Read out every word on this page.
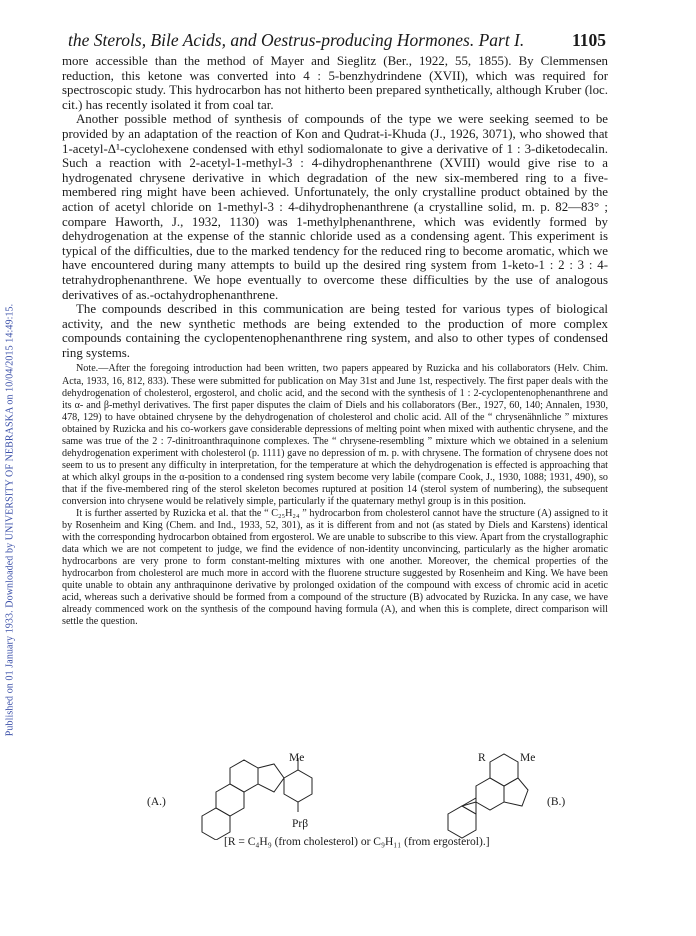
Published on 01 January 1933. Downloaded by UNIVERSITY OF NEBRASKA on 10/04/2015 14:49:15.
the Sterols, Bile Acids, and Oestrus-producing Hormones. Part I.	1105

more accessible than the method of Mayer and Sieglitz (Ber., 1922, 55, 1855). By Clemmensen reduction, this ketone was converted into 4 : 5-benzhydrindene (XVII), which was required for spectroscopic study. This hydrocarbon has not hitherto been prepared synthetically, although Kruber (loc. cit.) has recently isolated it from coal tar.

Another possible method of synthesis of compounds of the type we were seeking seemed to be provided by an adaptation of the reaction of Kon and Qudrat-i-Khuda (J., 1926, 3071), who showed that 1-acetyl-Δ¹-cyclohexene condensed with ethyl sodiomalonate to give a derivative of 1 : 3-diketodecalin. Such a reaction with 2-acetyl-1-methyl-3 : 4-dihydrophenanthrene (XVIII) would give rise to a hydrogenated chrysene derivative in which degradation of the new six-membered ring to a five-membered ring might have been achieved. Unfortunately, the only crystalline product obtained by the action of acetyl chloride on 1-methyl-3 : 4-dihydrophenanthrene (a crystalline solid, m. p. 82—83° ; compare Haworth, J., 1932, 1130) was 1-methylphenanthrene, which was evidently formed by dehydrogenation at the expense of the stannic chloride used as a condensing agent. This experiment is typical of the difficulties, due to the marked tendency for the reduced ring to become aromatic, which we have encountered during many attempts to build up the desired ring system from 1-keto-1 : 2 : 3 : 4-tetrahydrophenanthrene. We hope eventually to overcome these difficulties by the use of analogous derivatives of as.-octahydrophenanthrene.

The compounds described in this communication are being tested for various types of biological activity, and the new synthetic methods are being extended to the production of more complex compounds containing the cyclopentenophenanthrene ring system, and also to other types of condensed ring systems.

Note.—After the foregoing introduction had been written, two papers appeared by Ruzicka and his collaborators (Helv. Chim. Acta, 1933, 16, 812, 833). These were submitted for publication on May 31st and June 1st, respectively. The first paper deals with the dehydrogenation of cholesterol, ergosterol, and cholic acid, and the second with the synthesis of 1 : 2-cyclopentenophenanthrene and its α- and β-methyl derivatives. The first paper disputes the claim of Diels and his collaborators (Ber., 1927, 60, 140; Annalen, 1930, 478, 129) to have obtained chrysene by the dehydrogenation of cholesterol and cholic acid. All of the “ chrysenähnliche ” mixtures obtained by Ruzicka and his co-workers gave considerable depressions of melting point when mixed with authentic chrysene, and the same was true of the 2 : 7-dinitroanthraquinone complexes. The “ chrysene-resembling ” mixture which we obtained in a selenium dehydrogenation experiment with cholesterol (p. 1111) gave no depression of m. p. with chrysene. The formation of chrysene does not seem to us to present any difficulty in interpretation, for the temperature at which the dehydrogenation is effected is approaching that at which alkyl groups in the α-position to a condensed ring system become very labile (compare Cook, J., 1930, 1088; 1931, 490), so that if the five-membered ring of the sterol skeleton becomes ruptured at position 14 (sterol system of numbering), the subsequent conversion into chrysene would be relatively simple, particularly if the quaternary methyl group is in this position.

It is further asserted by Ruzicka et al. that the “ C₂₅H₂₄ ” hydrocarbon from cholesterol cannot have the structure (A) assigned to it by Rosenheim and King (Chem. and Ind., 1933, 52, 301), as it is different from and not (as stated by Diels and Karstens) identical with the corresponding hydrocarbon obtained from ergosterol. We are unable to subscribe to this view. Apart from the crystallographic data which we are not competent to judge, we find the evidence of non-identity unconvincing, particularly as the higher aromatic hydrocarbons are very prone to form constant-melting mixtures with one another. Moreover, the chemical properties of the hydrocarbon from cholesterol are much more in accord with the fluorene structure suggested by Rosenheim and King. We have been quite unable to obtain any anthraquinone derivative by prolonged oxidation of the compound with excess of chromic acid in acetic acid, whereas such a derivative should be formed from a compound of the structure (B) advocated by Ruzicka. In any case, we have already commenced work on the synthesis of the compound having formula (A), and when this is complete, direct comparison will settle the question.

(A.)	(B.)
Me
Prβ
R	Me
[R = C₄H₉ (from cholesterol) or C₉H₁₁ (from ergosterol).]
